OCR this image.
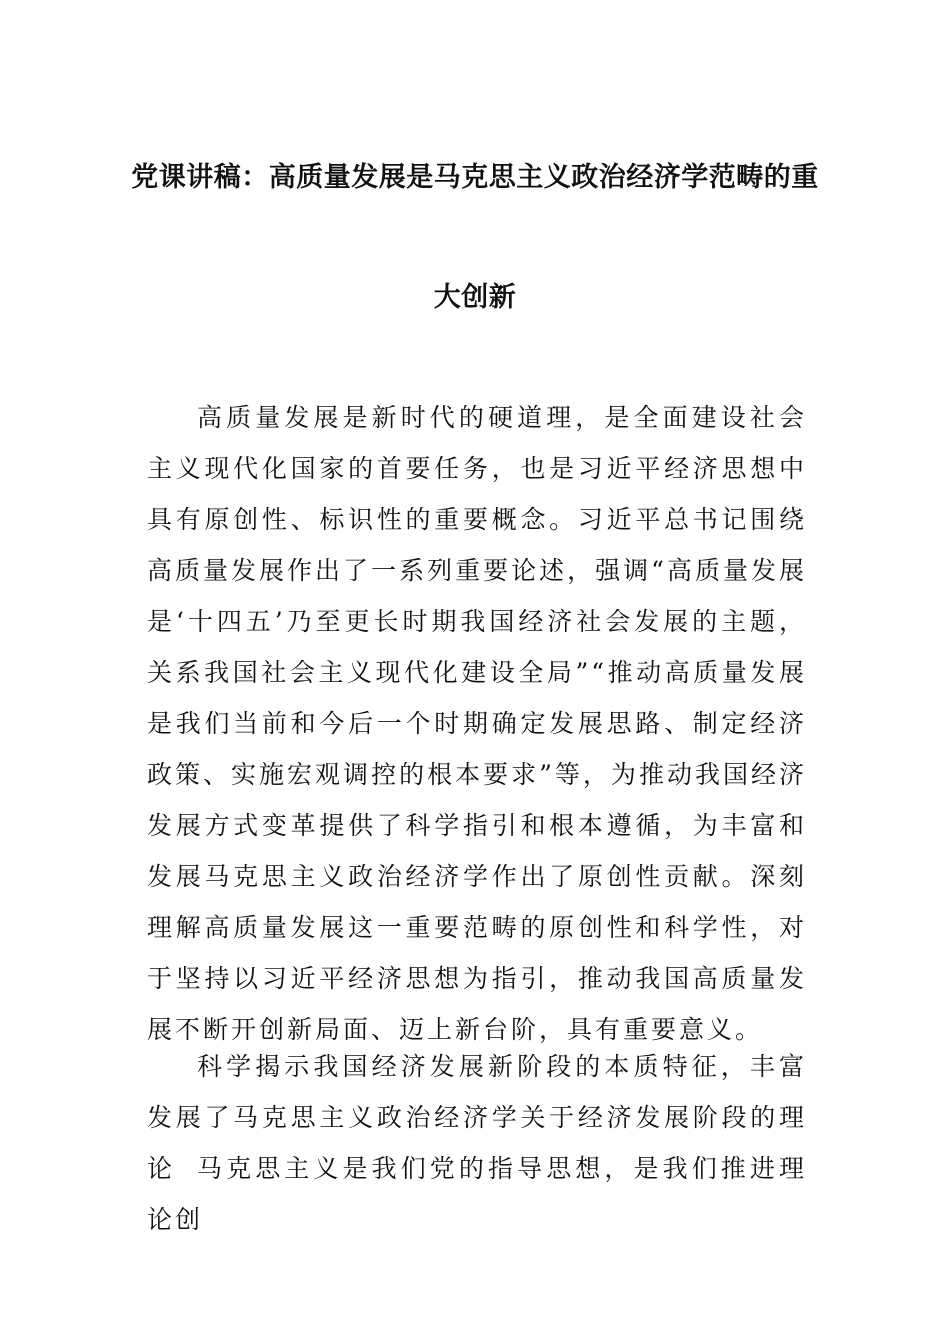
党课讲稿：高质量发展是马克思主义政治经济学范畴的重
大创新

高质量发展是新时代的硬道理，是全面建设社会主义现代化国家的首要任务，也是习近平经济思想中具有原创性、标识性的重要概念。习近平总书记围绕高质量发展作出了一系列重要论述，强调“高质量发展是‘十四五’乃至更长时期我国经济社会发展的主题，关系我国社会主义现代化建设全局”“推动高质量发展是我们当前和今后一个时期确定发展思路、制定经济政策、实施宏观调控的根本要求”等，为推动我国经济发展方式变革提供了科学指引和根本遵循，为丰富和发展马克思主义政治经济学作出了原创性贡献。深刻理解高质量发展这一重要范畴的原创性和科学性，对于坚持以习近平经济思想为指引，推动我国高质量发展不断开创新局面、迈上新台阶，具有重要意义。

科学揭示我国经济发展新阶段的本质特征，丰富发展了马克思主义政治经济学关于经济发展阶段的理论 马克思主义是我们党的指导思想，是我们推进理论创
